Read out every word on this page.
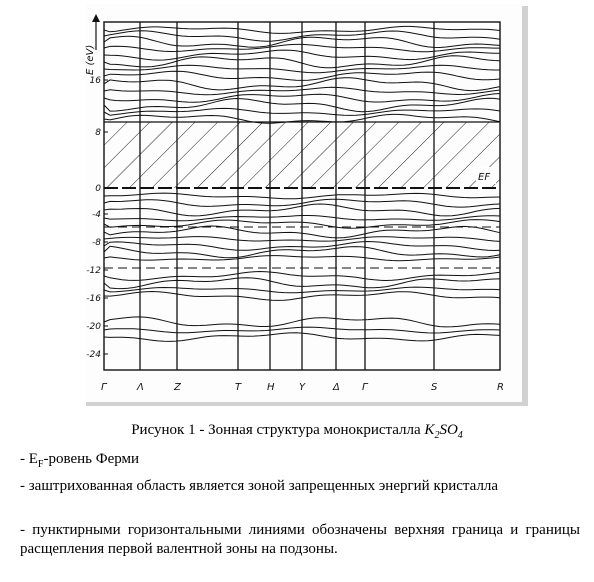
E (eV)
EF
16
8
0
-4
-8
-12
-16
-20
-24
Г	Λ	Z	T	H Y	Δ Г	S	R
Рисунок 1 - Зонная структура монокристалла $K_2SO_4$
- $E_F$-ровень Ферми
- заштрихованная область является зоной запрещенных энергий кристалла
- пунктирными горизонтальными линиями обозначены верхняя граница и границы расщепления первой валентной зоны на подзоны.
